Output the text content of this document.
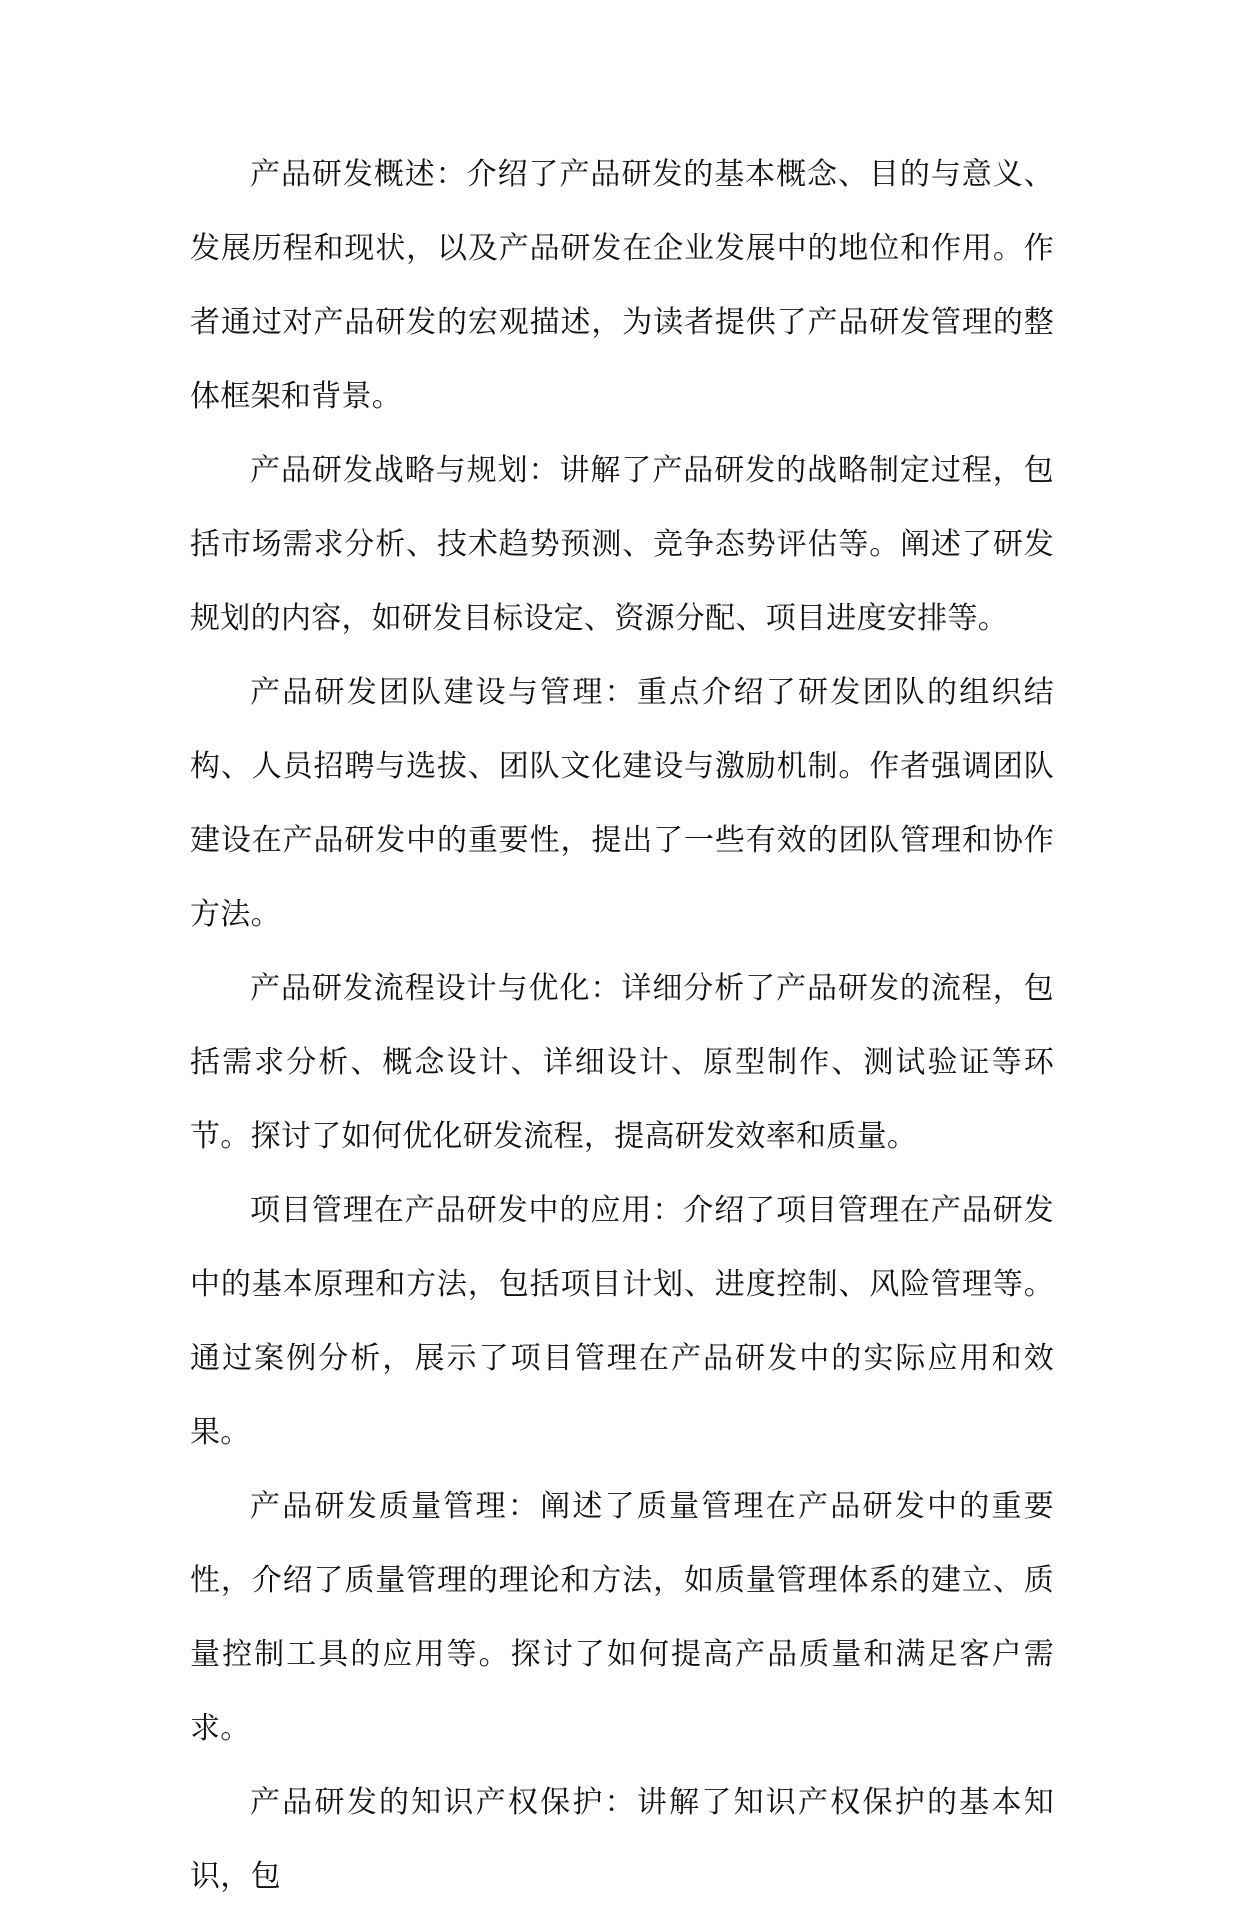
产品研发概述：介绍了产品研发的基本概念、目的与意义、发展历程和现状，以及产品研发在企业发展中的地位和作用。作者通过对产品研发的宏观描述，为读者提供了产品研发管理的整体框架和背景。

产品研发战略与规划：讲解了产品研发的战略制定过程，包括市场需求分析、技术趋势预测、竞争态势评估等。阐述了研发规划的内容，如研发目标设定、资源分配、项目进度安排等。

产品研发团队建设与管理：重点介绍了研发团队的组织结构、人员招聘与选拔、团队文化建设与激励机制。作者强调团队建设在产品研发中的重要性，提出了一些有效的团队管理和协作方法。

产品研发流程设计与优化：详细分析了产品研发的流程，包括需求分析、概念设计、详细设计、原型制作、测试验证等环节。探讨了如何优化研发流程，提高研发效率和质量。

项目管理在产品研发中的应用：介绍了项目管理在产品研发中的基本原理和方法，包括项目计划、进度控制、风险管理等。通过案例分析，展示了项目管理在产品研发中的实际应用和效果。

产品研发质量管理：阐述了质量管理在产品研发中的重要性，介绍了质量管理的理论和方法，如质量管理体系的建立、质量控制工具的应用等。探讨了如何提高产品质量和满足客户需求。

产品研发的知识产权保护：讲解了知识产权保护的基本知识，包
